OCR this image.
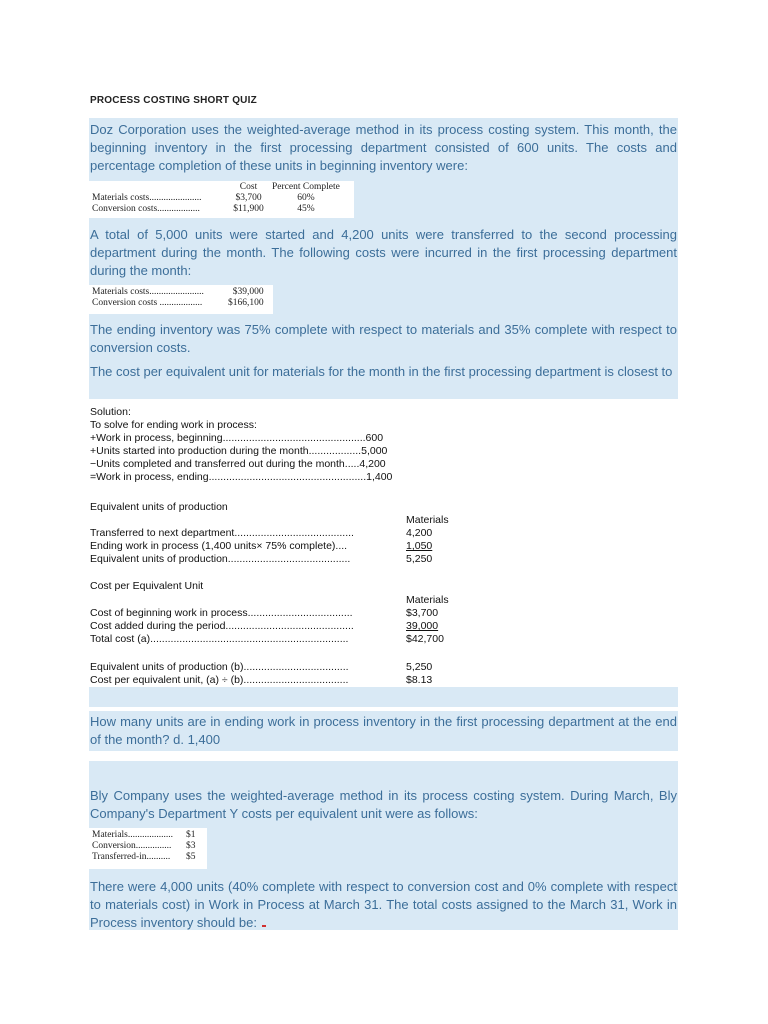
PROCESS COSTING SHORT QUIZ
Doz Corporation uses the weighted-average method in its process costing system. This month, the beginning inventory in the first processing department consisted of 600 units. The costs and percentage completion of these units in beginning inventory were:
	Cost	Percent Complete
Materials costs......................	$3,700	60%
Conversion costs..................	$11,900	45%
A total of 5,000 units were started and 4,200 units were transferred to the second processing department during the month. The following costs were incurred in the first processing department during the month:
Materials costs.......................	$39,000
Conversion costs ..................	$166,100
The ending inventory was 75% complete with respect to materials and 35% complete with respect to conversion costs.
The cost per equivalent unit for materials for the month in the first processing department is closest to
Solution:
To solve for ending work in process:
+Work in process, beginning.................................................600
+Units started into production during the month..................5,000
−Units completed and transferred out during the month.....4,200
=Work in process, ending......................................................1,400
Equivalent units of production
Materials
Transferred to next department.........................................	4,200
Ending work in process (1,400 units× 75% complete)....	1,050
Equivalent units of production..........................................	5,250
Cost per Equivalent Unit
Materials
Cost of beginning work in process....................................	$3,700
Cost added during the period............................................	39,000
Total cost (a)....................................................................	$42,700
Equivalent units of production (b)....................................	5,250
Cost per equivalent unit, (a) ÷ (b)....................................	$8.13
How many units are in ending work in process inventory in the first processing department at the end of the month? d. 1,400
Bly Company uses the weighted-average method in its process costing system. During March, Bly Company's Department Y costs per equivalent unit were as follows:
Materials...................	$1
Conversion...............	$3
Transferred-in..........	$5
There were 4,000 units (40% complete with respect to conversion cost and 0% complete with respect to materials cost) in Work in Process at March 31. The total costs assigned to the March 31, Work in Process inventory should be:
